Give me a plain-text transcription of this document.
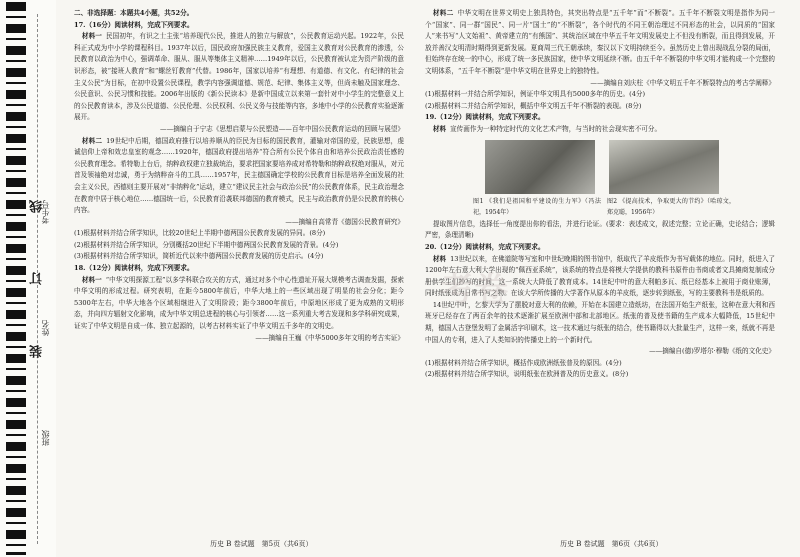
考生号
姓名
班级
线
订
装

二、非选择题：本题共4小题，共52分。

17.（16分）阅读材料，完成下列要求。

材料一 民国初年，有识之士主张“培养现代公民，推进人的独立与解放”，公民教育运动兴起。1922年，公民科正式成为中小学的课程科目。1937年以后，国民政府加强民族主义教育，爱国主义教育对公民教育的渗透，公民教育以政治为中心，强调革命、服从、服从等集体主义精神……1949年以后，公民教育被认定为资产阶级的意识形态，被“接班人教育”和“螺丝钉教育”代替。1986年，国家以培养“有理想、有道德、有文化、有纪律的社会主义公民”为目标，在初中设置公民课程，教学内容强调道德、规范、纪律、集体主义等，但尚未触及国家理念、公民意识、公民习惯和技能。2006年出版的《新公民读本》是新中国成立以来第一套针对中小学生的完整意义上的公民教育读本，涉及公民道德、公民伦理、公民权利、公民义务与技能等内容，多地中小学的公民教育实验逐渐展开。

——摘编自于宁志《思想启蒙与公民塑造——百年中国公民教育运动的回顾与展望》

材料二 19世纪中后期，德国政府推行以培养顺从的臣民为目标的国民教育，灌输对帝国的爱，民族思想，虔诚信仰上帝和效忠皇室的观念……1920年，德国政府提出培养“符合所有公民个体自由和培养公民政治责任感的公民教育理念。希特勒上台后，纳粹政权建立独裁统治，要求把国家要培养成对希特勒和纳粹政权绝对服从，对元首及领袖绝对忠诚，勇于为纳粹奋斗的工具……1957年，民主德国确定学校的公民教育目标是培养全面发展的社会主义公民，西德则主要开展对“非纳粹化”运动，建立“建议民主社会与政治公民”的公民教育体系，民主政治理念在教育中居于核心地位……德国统一后，公民教育沿袭联邦德国的教育模式，民主与政治教育仍是公民教育的核心内容。

——摘编自高常青《德国公民教育研究》

(1)根据材料并结合所学知识，比较20世纪上半期中德两国公民教育发展的异同。(8分)

(2)根据材料并结合所学知识，分别概括20世纪下半期中德两国公民教育发展的背景。(4分)

(3)根据材料并结合所学知识，简析近代以来中德两国公民教育发展的历史启示。(4分)

18.（12分）阅读材料，完成下列要求。

材料一 “中华文明探源工程”以多学科联合攻关的方式，通过对多个中心性遗址开展大规模考古调查发掘，探索中华文明的形成过程。研究表明，在距今5800年前后，中华大地上的一些区域出现了明显的社会分化；距今5300年左右，中华大地各个区域相继进入了文明阶段；距今3800年前后，中原地区形成了更为成熟的文明形态，并向四方辐射文化影响，成为中华文明总进程的核心与引领者……这一系列重大考古发现和多学科研究成果，证实了中华文明是自成一体、独立起源的，以考古材料实证了中华文明五千多年的文明史。

——摘编自王巍《中华5000多年文明的考古实证》

历史 B 卷试题　第5页（共6页）

材料二 中华文明在世界文明史上独具特色，其突出特点是“五千年”而“不断裂”。五千年不断裂文明是指作为同一个“国家”、同一群“国民”、同一片“国土”的“不断裂”，各个时代的不同王朝治理过不同形态的社会，以同质的“国家人”来书写“人文始祖”、黄帝建立的“有熊国”、其统治区域在中华五千年文明发展史上不但没有断裂，而且得到发展，开放并善汉支明清时期得到更新发展。夏商周三代王朝承续，秦汉以下文明持续至今。虽然历史上曾出现战乱分裂的局面，但始终存在统一的中心，形成了统一多民族国家，使中华文明延续不断。由五千年不断裂的中华文明才能构成一个完整的文明体系，“五千年不断裂”是中华文明在世界史上的独特性。

——摘编自刘庆柱《中华文明五千年不断裂特点的考古学阐释》

(1)根据材料一并结合所学知识，例证中华文明具有5000多年的历史。(4分)

(2)根据材料二并结合所学知识，概括中华文明五千年不断裂的表现。(8分)

19.（12分）阅读材料，完成下列要求。

材料 宣传画作为一种特定时代的文化艺术产物，与当时的社会现实密不可分。

图1 《我们是祖国和平建设的生力军》（冯法祀，1954年）
图2 《提高技术，争取更大的节约》（哈琼文，郑克聪，1956年）

提取图片信息，选择任一角度提出你的看法，并进行论证。(要求：表述成文，叙述完整；立论正确，史论结合；逻辑严密，条理清晰)

20.（12分）阅读材料，完成下列要求。

材料 13世纪以来，在佛道院等写室和中世纪晚期的图书馆中，纸取代了羊皮纸作为书写载体的地位。同时，纸进入了1200年左右意大利大学出现的“佩西亚系统”，该系统的特点是将模大学提供的教科书原件由书商或者文具摊商复制成分册供学生们抄写的时间，这一系统大大降低了教育成本。14世纪中叶的意大利帕多瓦、纸已经基本上被用于商业账簿，同时纸张成为日常书写之物。在该大学所传播的大学著作从原本的羊皮纸，逐步转到纸张，写的主要教科书是纸质的。

14世纪中叶，乞黎大学为了摆脱对意大利的依赖，开始在本国建立造纸坊，在法国开始生产纸张，这种在意大利和西班牙已经存在了两百余年的技术逐渐扩展至欧洲中部和北部地区。纸张的普及使书籍的生产成本大幅降低，15世纪中期，德国人古登堡发明了金属活字印刷术，这一技术通过与纸张的结合，使书籍得以大批量生产，这样一来，纸就不再是中国人的专利，进入了人类知识的传播史上的一个新时代。

——摘编自(德)罗塔尔·穆勒《纸的文化史》

(1)根据材料并结合所学知识，概括作成欧洲纸张普及的原因。(4分)

(2)根据材料并结合所学知识，说明纸张在欧洲普及的历史意义。(8分)

历史 B 卷试题　第6页（共6页）
考卷
